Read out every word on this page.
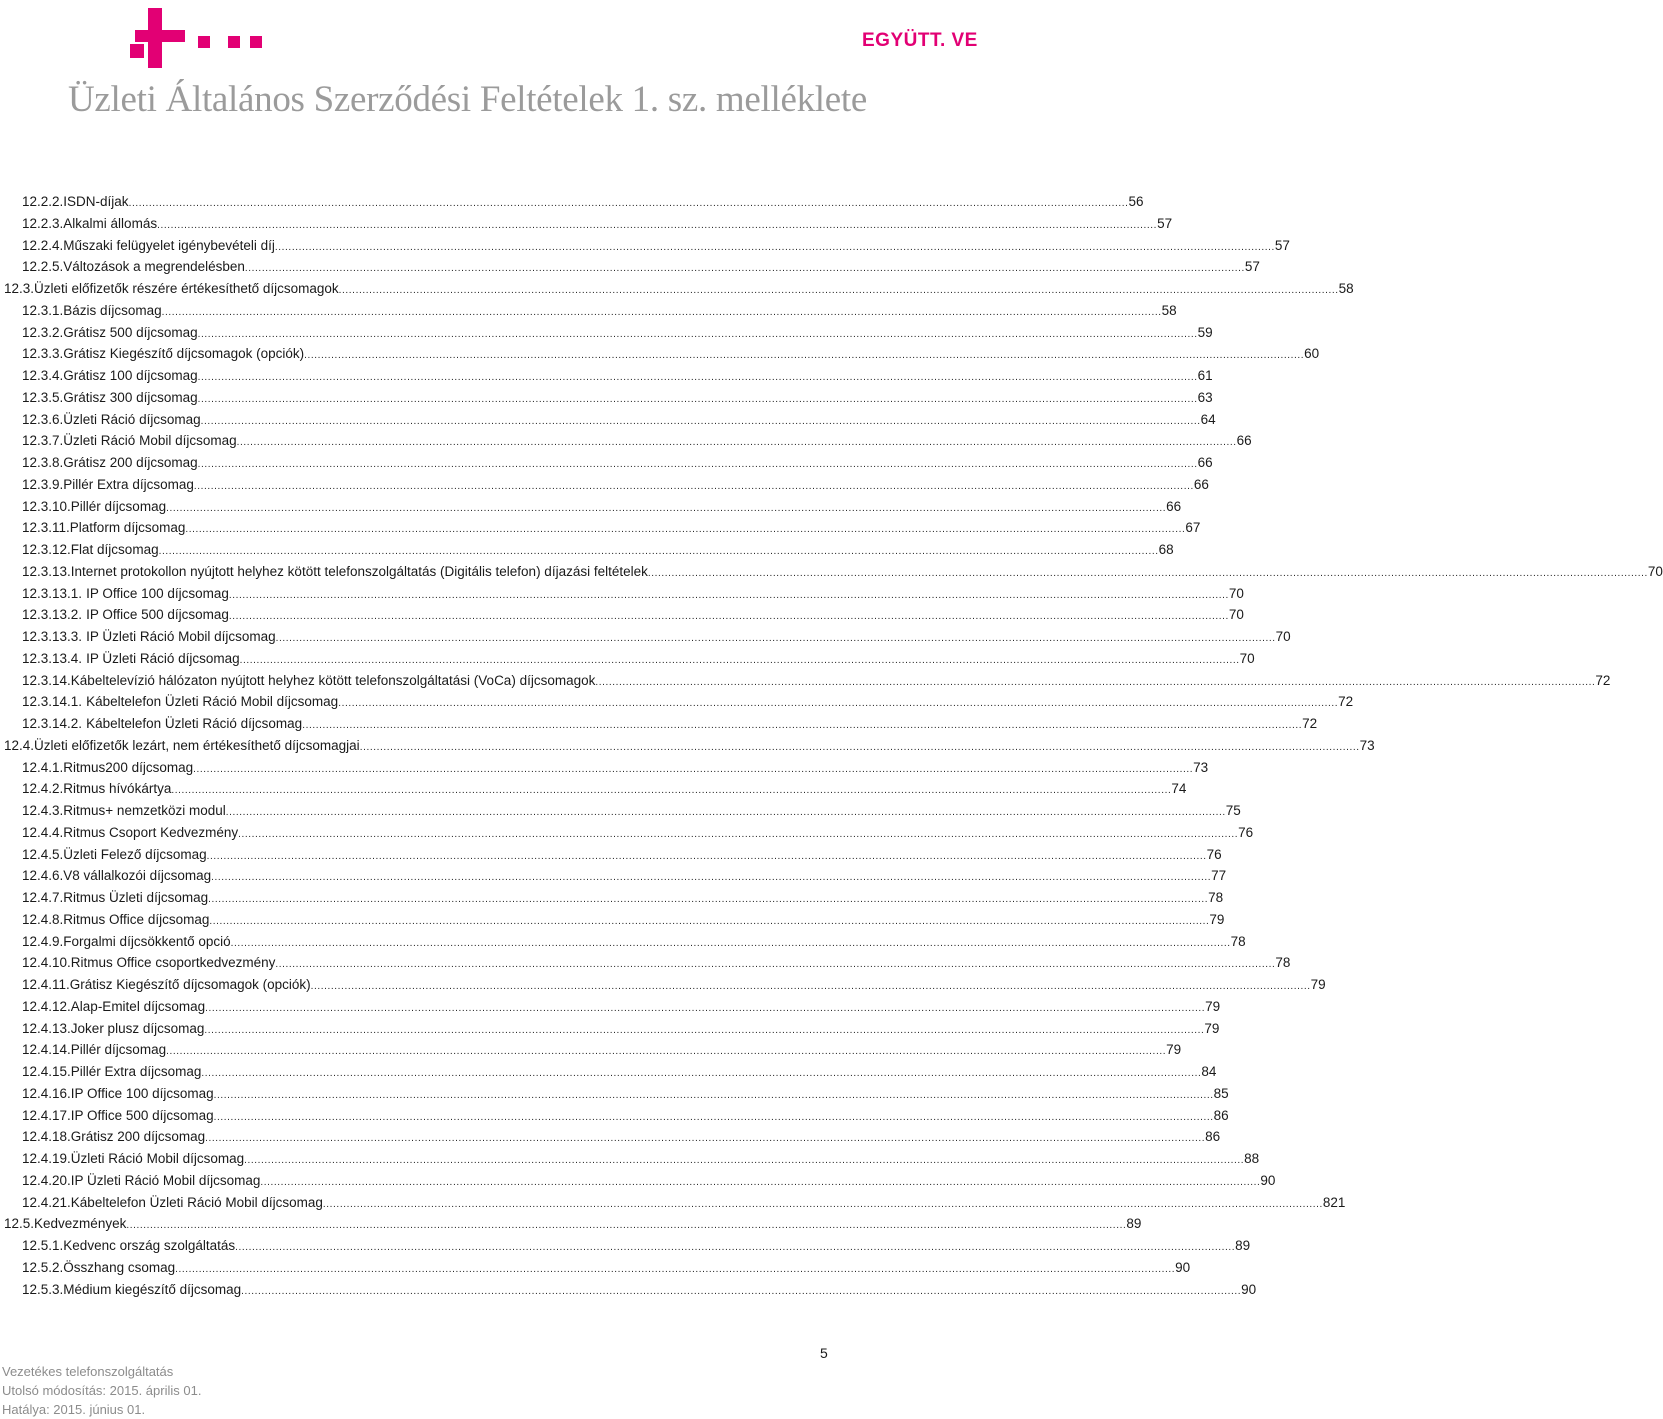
EGYÜTT. VE
Üzleti Általános Szerződési Feltételek 1. sz. melléklete
12.2.2. ISDN-díjak .....	56
12.2.3. Alkalmi állomás .....	57
12.2.4. Műszaki felügyelet igénybevételi díj .....	57
12.2.5. Változások a megrendelésben .....	57
12.3. Üzleti előfizetők részére értékesíthető díjcsomagok .....	58
12.3.1. Bázis díjcsomag .....	58
12.3.2. Grátisz 500 díjcsomag .....	59
12.3.3. Grátisz Kiegészítő díjcsomagok (opciók) .....	60
12.3.4. Grátisz 100 díjcsomag .....	61
12.3.5. Grátisz 300 díjcsomag .....	63
12.3.6. Üzleti Ráció díjcsomag .....	64
12.3.7. Üzleti Ráció Mobil díjcsomag .....	66
12.3.8. Grátisz 200 díjcsomag .....	66
12.3.9. Pillér Extra díjcsomag .....	66
12.3.10. Pillér díjcsomag .....	66
12.3.11. Platform díjcsomag .....	67
12.3.12. Flat díjcsomag .....	68
12.3.13. Internet protokollon nyújtott helyhez kötött telefonszolgáltatás (Digitális telefon) díjazási feltételek .....	70
12.3.13.1. IP Office 100 díjcsomag .....	70
12.3.13.2. IP Office 500 díjcsomag .....	70
12.3.13.3. IP Üzleti Ráció Mobil díjcsomag .....	70
12.3.13.4. IP Üzleti Ráció díjcsomag .....	70
12.3.14. Kábeltelevízió hálózaton nyújtott helyhez kötött telefonszolgáltatási (VoCa) díjcsomagok .....	72
12.3.14.1. Kábeltelefon Üzleti Ráció Mobil díjcsomag .....	72
12.3.14.2. Kábeltelefon Üzleti Ráció díjcsomag .....	72
12.4. Üzleti előfizetők lezárt, nem értékesíthető díjcsomagjai .....	73
12.4.1. Ritmus200 díjcsomag .....	73
12.4.2. Ritmus hívókártya .....	74
12.4.3. Ritmus+ nemzetközi modul .....	75
12.4.4. Ritmus Csoport Kedvezmény .....	76
12.4.5. Üzleti Felező díjcsomag .....	76
12.4.6. V8 vállalkozói díjcsomag .....	77
12.4.7. Ritmus Üzleti díjcsomag .....	78
12.4.8. Ritmus Office díjcsomag .....	79
12.4.9. Forgalmi díjcsökkentő opció .....	78
12.4.10. Ritmus Office csoportkedvezmény .....	78
12.4.11. Grátisz Kiegészítő díjcsomagok (opciók) .....	79
12.4.12. Alap-Emitel díjcsomag .....	79
12.4.13. Joker plusz díjcsomag .....	79
12.4.14. Pillér díjcsomag .....	79
12.4.15. Pillér Extra díjcsomag .....	84
12.4.16. IP Office 100 díjcsomag .....	85
12.4.17. IP Office 500 díjcsomag .....	86
12.4.18. Grátisz 200 díjcsomag .....	86
12.4.19. Üzleti Ráció Mobil díjcsomag .....	88
12.4.20. IP Üzleti Ráció Mobil díjcsomag .....	90
12.4.21. Kábeltelefon Üzleti Ráció Mobil díjcsomag .....	821
12.5. Kedvezmények .....	89
12.5.1. Kedvenc ország szolgáltatás .....	89
12.5.2. Összhang csomag .....	90
12.5.3. Médium kiegészítő díjcsomag .....	90
5
Vezetékes telefonszolgáltatás
Utolsó módosítás: 2015. április 01.
Hatálya: 2015. június 01.
